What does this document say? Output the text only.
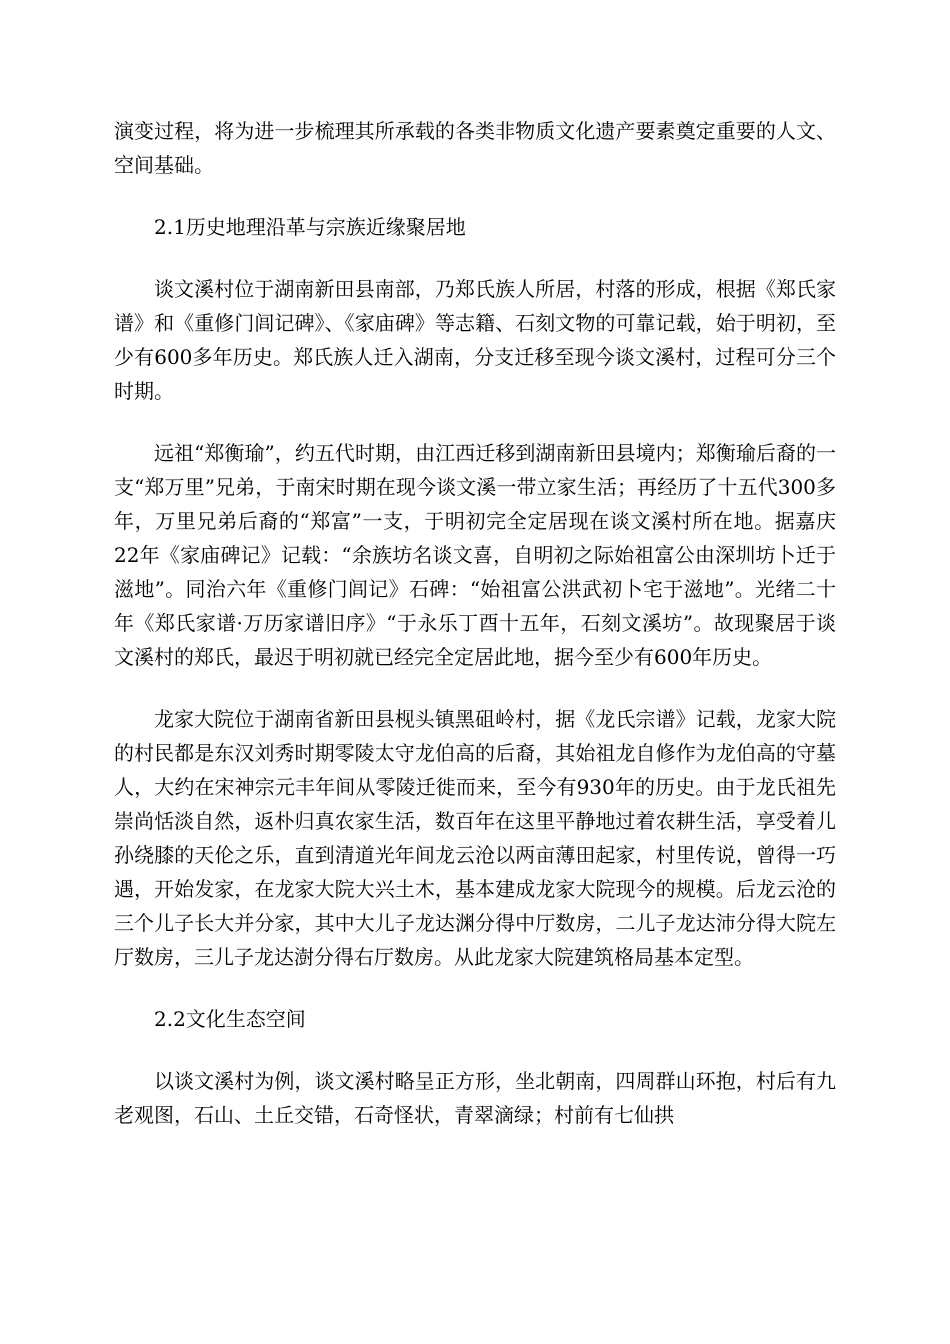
演变过程，将为进一步梳理其所承载的各类非物质文化遗产要素奠定重要的人文、空间基础。

2.1历史地理沿革与宗族近缘聚居地

谈文溪村位于湖南新田县南部，乃郑氏族人所居，村落的形成，根据《郑氏家谱》和《重修门闾记碑》、《家庙碑》等志籍、石刻文物的可靠记载，始于明初，至少有600多年历史。郑氏族人迁入湖南，分支迁移至现今谈文溪村，过程可分三个时期。

远祖“郑衡瑜”，约五代时期，由江西迁移到湖南新田县境内；郑衡瑜后裔的一支“郑万里”兄弟，于南宋时期在现今谈文溪一带立家生活；再经历了十五代300多年，万里兄弟后裔的“郑富”一支，于明初完全定居现在谈文溪村所在地。据嘉庆22年《家庙碑记》记载：“余族坊名谈文喜，自明初之际始祖富公由深圳坊卜迁于滋地”。同治六年《重修门闾记》石碑：“始祖富公洪武初卜宅于滋地”。光绪二十年《郑氏家谱·万历家谱旧序》“于永乐丁酉十五年，石刻文溪坊”。故现聚居于谈文溪村的郑氏，最迟于明初就已经完全定居此地，据今至少有600年历史。

龙家大院位于湖南省新田县枧头镇黑砠岭村，据《龙氏宗谱》记载，龙家大院的村民都是东汉刘秀时期零陵太守龙伯高的后裔，其始祖龙自修作为龙伯高的守墓人，大约在宋神宗元丰年间从零陵迁徙而来，至今有930年的历史。由于龙氏祖先崇尚恬淡自然，返朴归真农家生活，数百年在这里平静地过着农耕生活，享受着儿孙绕膝的天伦之乐，直到清道光年间龙云沧以两亩薄田起家，村里传说，曾得一巧遇，开始发家，在龙家大院大兴土木，基本建成龙家大院现今的规模。后龙云沧的三个儿子长大并分家，其中大儿子龙达渊分得中厅数房，二儿子龙达沛分得大院左厅数房，三儿子龙达澍分得右厅数房。从此龙家大院建筑格局基本定型。

2.2文化生态空间

以谈文溪村为例，谈文溪村略呈正方形，坐北朝南，四周群山环抱，村后有九老观图，石山、土丘交错，石奇怪状，青翠滴绿；村前有七仙拱
